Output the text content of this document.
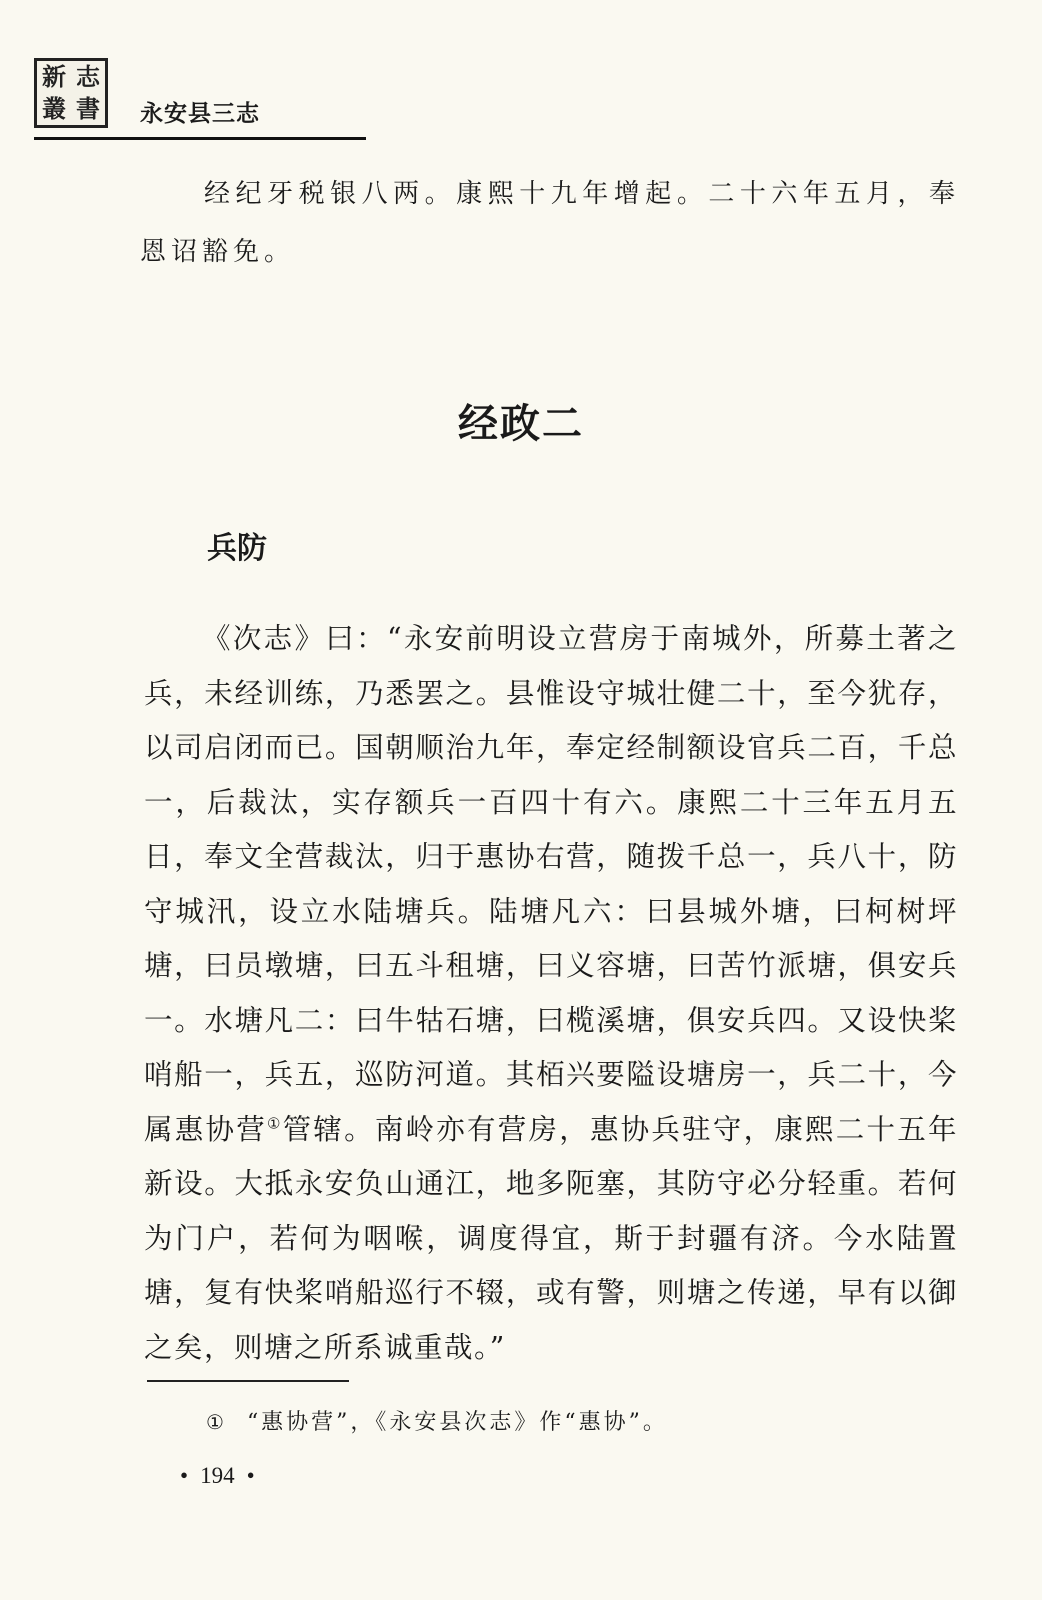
新 志
叢 書 永安县三志

经纪牙税银八两。康熙十九年增起。二十六年五月，奉恩诏豁免。

经政二
兵防

《次志》曰：“永安前明设立营房于南城外，所募土著之兵，未经训练，乃悉罢之。县惟设守城壮健二十，至今犹存，以司启闭而已。国朝顺治九年，奉定经制额设官兵二百，千总一，后裁汰，实存额兵一百四十有六。康熙二十三年五月五日，奉文全营裁汰，归于惠协右营，随拨千总一，兵八十，防守城汛，设立水陆塘兵。陆塘凡六：曰县城外塘，曰柯树坪塘，曰员墩塘，曰五斗租塘，曰义容塘，曰苦竹派塘，俱安兵一。水塘凡二：曰牛牯石塘，曰榄溪塘，俱安兵四。又设快桨哨船一，兵五，巡防河道。其栢兴要隘设塘房一，兵二十，今属惠协营①管辖。南岭亦有营房，惠协兵驻守，康熙二十五年新设。大抵永安负山通江，地多阨塞，其防守必分轻重。若何为门户，若何为咽喉，调度得宜，斯于封疆有济。今水陆置塘，复有快桨哨船巡行不辍，或有警，则塘之传递，早有以御之矣，则塘之所系诚重哉。”

① “惠协营”，《永安县次志》作“惠协”。
• 194 •
